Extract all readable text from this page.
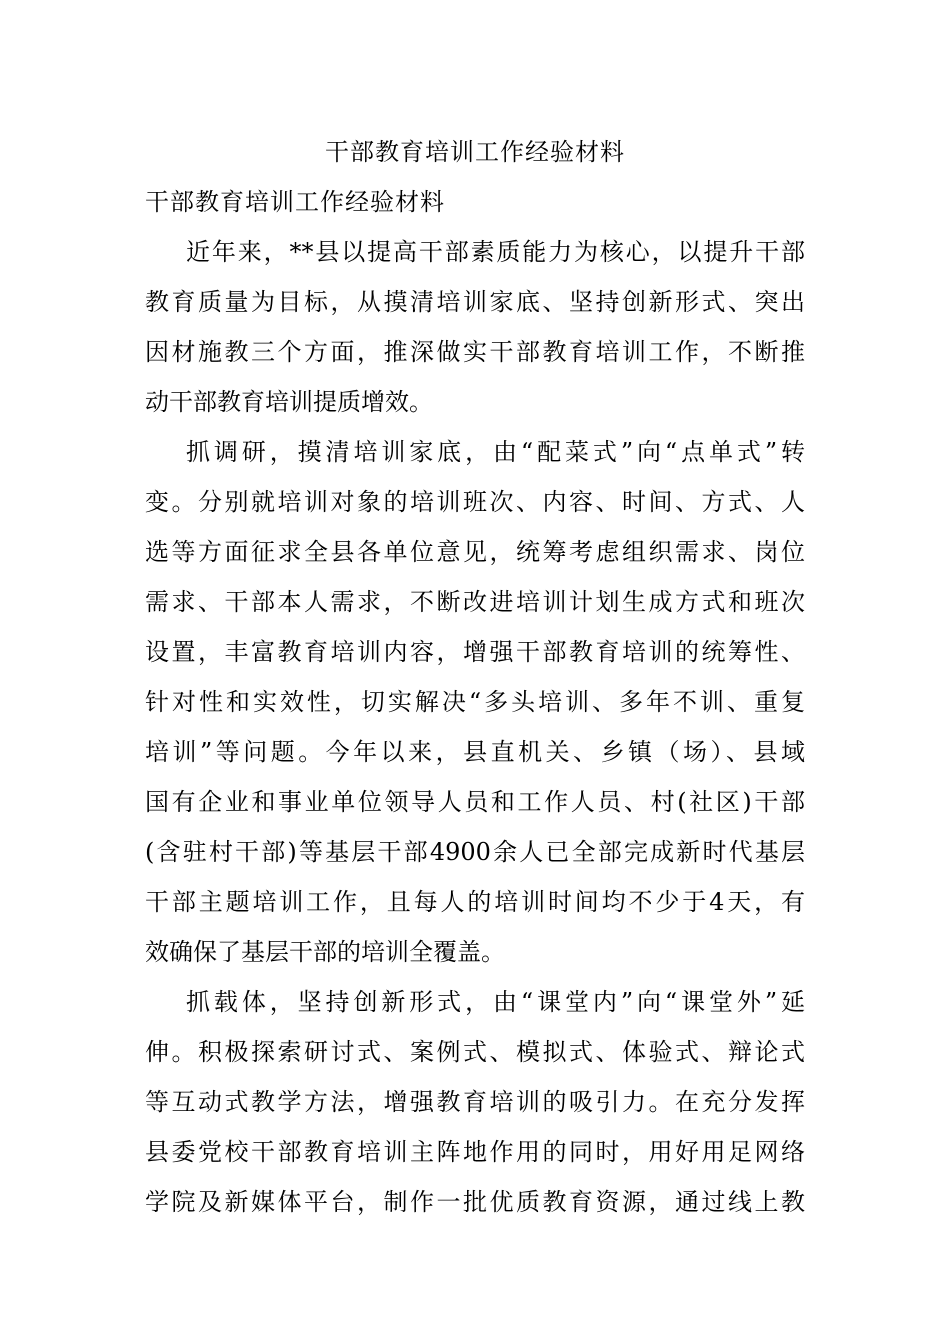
干部教育培训工作经验材料
干部教育培训工作经验材料
近年来，**县以提高干部素质能力为核心，以提升干部
教育质量为目标，从摸清培训家底、坚持创新形式、突出
因材施教三个方面，推深做实干部教育培训工作，不断推
动干部教育培训提质增效。
抓调研，摸清培训家底，由“配菜式”向“点单式”转
变。分别就培训对象的培训班次、内容、时间、方式、人
选等方面征求全县各单位意见，统筹考虑组织需求、岗位
需求、干部本人需求，不断改进培训计划生成方式和班次
设置，丰富教育培训内容，增强干部教育培训的统筹性、
针对性和实效性，切实解决“多头培训、多年不训、重复
培训”等问题。今年以来，县直机关、乡镇（场）、县域
国有企业和事业单位领导人员和工作人员、村(社区)干部
(含驻村干部)等基层干部4900余人已全部完成新时代基层
干部主题培训工作，且每人的培训时间均不少于4天，有
效确保了基层干部的培训全覆盖。
抓载体，坚持创新形式，由“课堂内”向“课堂外”延
伸。积极探索研讨式、案例式、模拟式、体验式、辩论式
等互动式教学方法，增强教育培训的吸引力。在充分发挥
县委党校干部教育培训主阵地作用的同时，用好用足网络
学院及新媒体平台，制作一批优质教育资源，通过线上教
